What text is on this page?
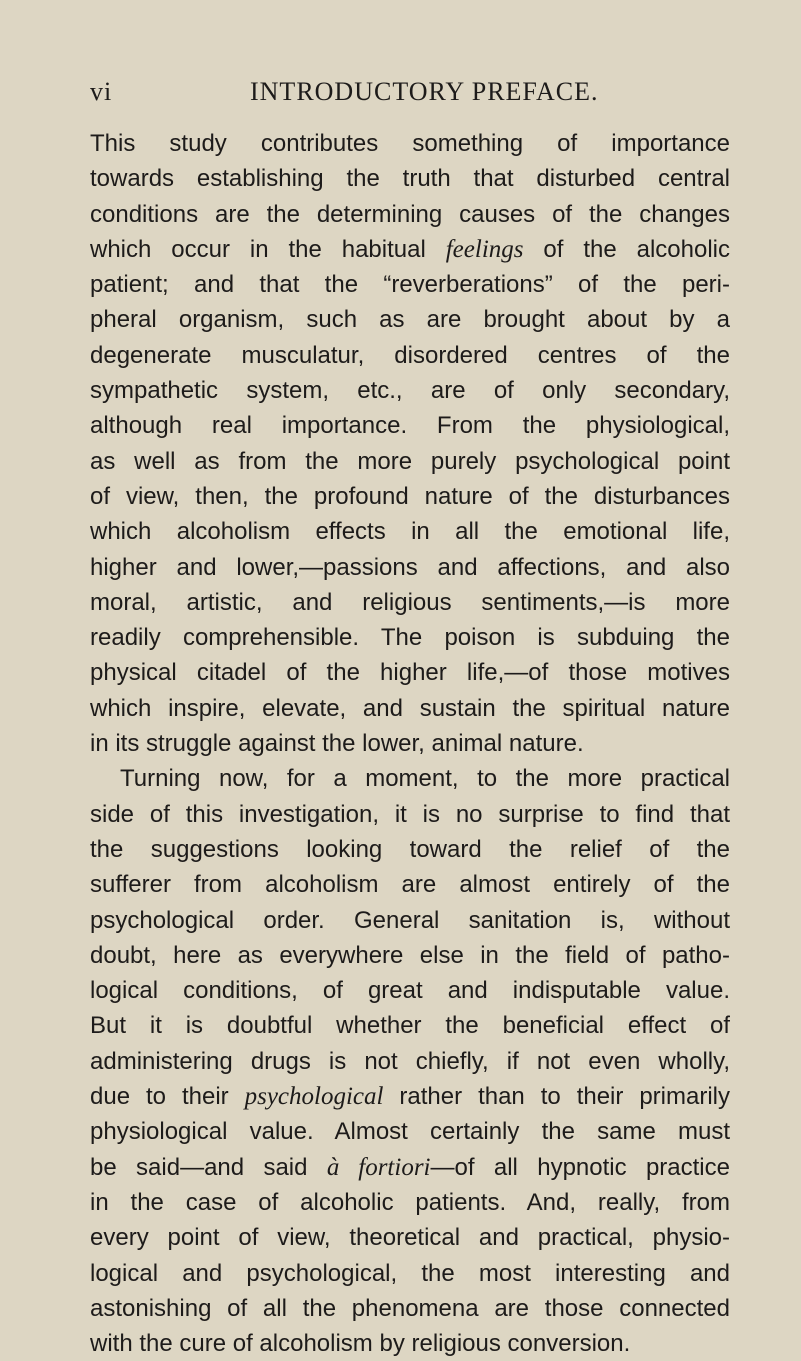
vi	INTRODUCTORY PREFACE.
This study contributes something of importance
towards establishing the truth that disturbed central
conditions are the determining causes of the changes
which occur in the habitual feelings of the alcoholic
patient; and that the “reverberations” of the peri-
pheral organism, such as are brought about by a
degenerate musculatur, disordered centres of the
sympathetic system, etc., are of only secondary,
although real importance. From the physiological,
as well as from the more purely psychological point
of view, then, the profound nature of the disturbances
which alcoholism effects in all the emotional life,
higher and lower,—passions and affections, and also
moral, artistic, and religious sentiments,—is more
readily comprehensible. The poison is subduing the
physical citadel of the higher life,—of those motives
which inspire, elevate, and sustain the spiritual nature
in its struggle against the lower, animal nature.
Turning now, for a moment, to the more practical
side of this investigation, it is no surprise to find that
the suggestions looking toward the relief of the
sufferer from alcoholism are almost entirely of the
psychological order. General sanitation is, without
doubt, here as everywhere else in the field of patho-
logical conditions, of great and indisputable value.
But it is doubtful whether the beneficial effect of
administering drugs is not chiefly, if not even wholly,
due to their psychological rather than to their primarily
physiological value. Almost certainly the same must
be said—and said à fortiori—of all hypnotic practice
in the case of alcoholic patients. And, really, from
every point of view, theoretical and practical, physio-
logical and psychological, the most interesting and
astonishing of all the phenomena are those connected
with the cure of alcoholism by religious conversion.
